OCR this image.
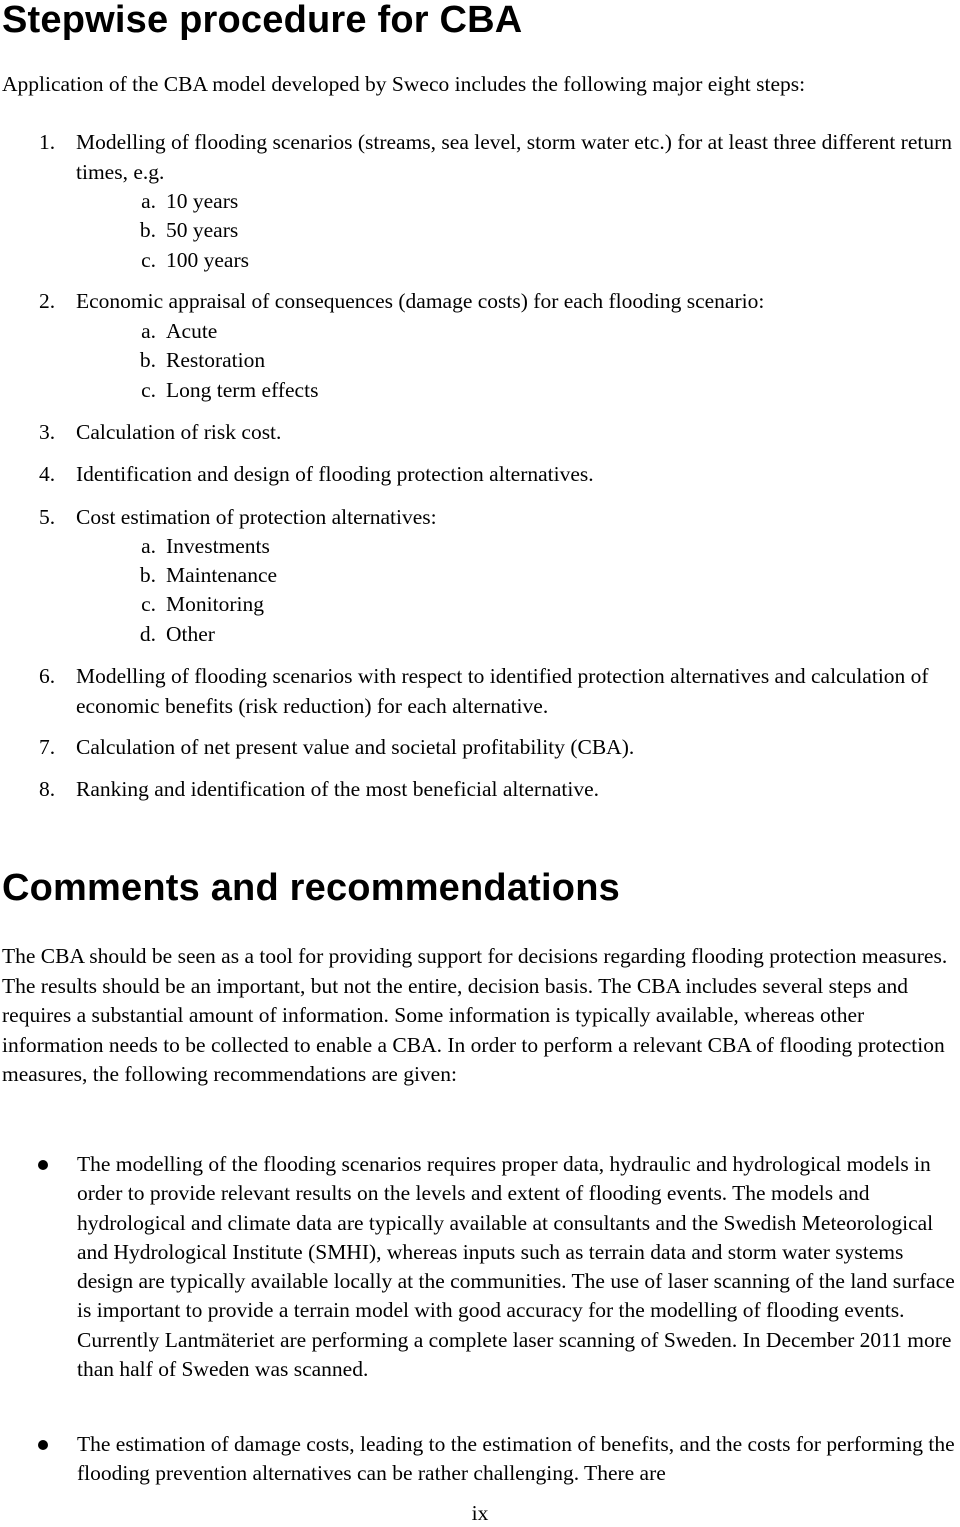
Stepwise procedure for CBA

Application of the CBA model developed by Sweco includes the following major eight steps:

1. Modelling of flooding scenarios (streams, sea level, storm water etc.) for at least three different return times, e.g.
a. 10 years
b. 50 years
c. 100 years
2. Economic appraisal of consequences (damage costs) for each flooding scenario:
a. Acute
b. Restoration
c. Long term effects
3. Calculation of risk cost.
4. Identification and design of flooding protection alternatives.
5. Cost estimation of protection alternatives:
a. Investments
b. Maintenance
c. Monitoring
d. Other
6. Modelling of flooding scenarios with respect to identified protection alternatives and calculation of economic benefits (risk reduction) for each alternative.
7. Calculation of net present value and societal profitability (CBA).
8. Ranking and identification of the most beneficial alternative.
Comments and recommendations

The CBA should be seen as a tool for providing support for decisions regarding flooding protection measures. The results should be an important, but not the entire, decision basis. The CBA includes several steps and requires a substantial amount of information. Some information is typically available, whereas other information needs to be collected to enable a CBA. In order to perform a relevant CBA of flooding protection measures, the following recommendations are given:

The modelling of the flooding scenarios requires proper data, hydraulic and hydrological models in order to provide relevant results on the levels and extent of flooding events. The models and hydrological and climate data are typically available at consultants and the Swedish Meteorological and Hydrological Institute (SMHI), whereas inputs such as terrain data and storm water systems design are typically available locally at the communities. The use of laser scanning of the land surface is important to provide a terrain model with good accuracy for the modelling of flooding events. Currently Lantmäteriet are performing a complete laser scanning of Sweden. In December 2011 more than half of Sweden was scanned.
The estimation of damage costs, leading to the estimation of benefits, and the costs for performing the flooding prevention alternatives can be rather challenging. There are
ix
